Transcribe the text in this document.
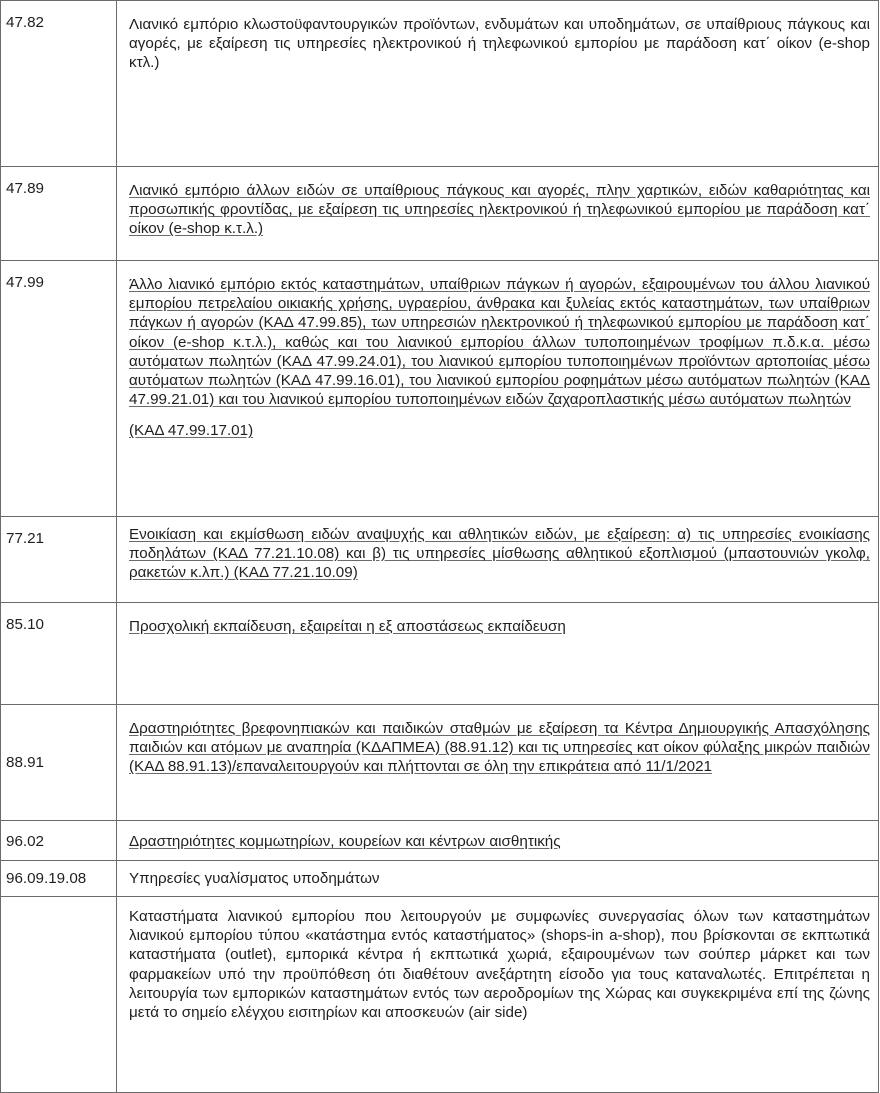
47.82	Λιανικό εμπόριο κλωστοϋφαντουργικών προϊόντων, ενδυμάτων και υποδημάτων, σε υπαίθριους πάγκους και αγορές, με εξαίρεση τις υπηρεσίες ηλεκτρονικού ή τηλεφωνικού εμπορίου με παράδοση κατ΄ οίκον (e-shop κτλ.)
47.89	Λιανικό εμπόριο άλλων ειδών σε υπαίθριους πάγκους και αγορές, πλην χαρτικών, ειδών καθαριότητας και προσωπικής φροντίδας, με εξαίρεση τις υπηρεσίες ηλεκτρονικού ή τηλεφωνικού εμπορίου με παράδοση κατ΄ οίκον (e-shop κ.τ.λ.)
47.99	Άλλο λιανικό εμπόριο εκτός καταστημάτων, υπαίθριων πάγκων ή αγορών, εξαιρουμένων του άλλου λιανικού εμπορίου πετρελαίου οικιακής χρήσης, υγραερίου, άνθρακα και ξυλείας εκτός καταστημάτων, των υπαίθριων πάγκων ή αγορών (ΚΑΔ 47.99.85), των υπηρεσιών ηλεκτρονικού ή τηλεφωνικού εμπορίου με παράδοση κατ΄ οίκον (e-shop κ.τ.λ.), καθώς και του λιανικού εμπορίου άλλων τυποποιημένων τροφίμων π.δ.κ.α. μέσω αυτόματων πωλητών (ΚΑΔ 47.99.24.01), του λιανικού εμπορίου τυποποιημένων προϊόντων αρτοποιίας μέσω αυτόματων πωλητών (ΚΑΔ 47.99.16.01), του λιανικού εμπορίου ροφημάτων μέσω αυτόματων πωλητών (ΚΑΔ 47.99.21.01) και του λιανικού εμπορίου τυποποιημένων ειδών ζαχαροπλαστικής μέσω αυτόματων πωλητών
(ΚΑΔ 47.99.17.01)

77.21	Ενοικίαση και εκμίσθωση ειδών αναψυχής και αθλητικών ειδών, με εξαίρεση: α) τις υπηρεσίες ενοικίασης ποδηλάτων (ΚΑΔ 77.21.10.08) και β) τις υπηρεσίες μίσθωσης αθλητικού εξοπλισμού (μπαστουνιών γκολφ, ρακετών κ.λπ.) (ΚΑΔ 77.21.10.09)
85.10	Προσχολική εκπαίδευση, εξαιρείται η εξ αποστάσεως εκπαίδευση
88.91	Δραστηριότητες βρεφονηπιακών και παιδικών σταθμών με εξαίρεση τα Κέντρα Δημιουργικής Απασχόλησης παιδιών και ατόμων με αναπηρία (ΚΔΑΠΜΕΑ) (88.91.12) και τις υπηρεσίες κατ οίκον φύλαξης μικρών παιδιών (ΚΑΔ 88.91.13)/επαναλειτουργούν και πλήττονται σε όλη την επικράτεια από 11/1/2021
96.02	Δραστηριότητες κομμωτηρίων, κουρείων και κέντρων αισθητικής
96.09.19.08	Υπηρεσίες γυαλίσματος υποδημάτων
	Καταστήματα λιανικού εμπορίου που λειτουργούν με συμφωνίες συνεργασίας όλων των καταστημάτων λιανικού εμπορίου τύπου «κατάστημα εντός καταστήματος» (shops-in a-shop), που βρίσκονται σε εκπτωτικά καταστήματα (outlet), εμπορικά κέντρα ή εκπτωτικά χωριά, εξαιρουμένων των σούπερ μάρκετ και των φαρμακείων υπό την προϋπόθεση ότι διαθέτουν ανεξάρτητη είσοδο για τους καταναλωτές. Επιτρέπεται η λειτουργία των εμπορικών καταστημάτων εντός των αεροδρομίων της Χώρας και συγκεκριμένα επί της ζώνης μετά το σημείο ελέγχου εισιτηρίων και αποσκευών (air side)
